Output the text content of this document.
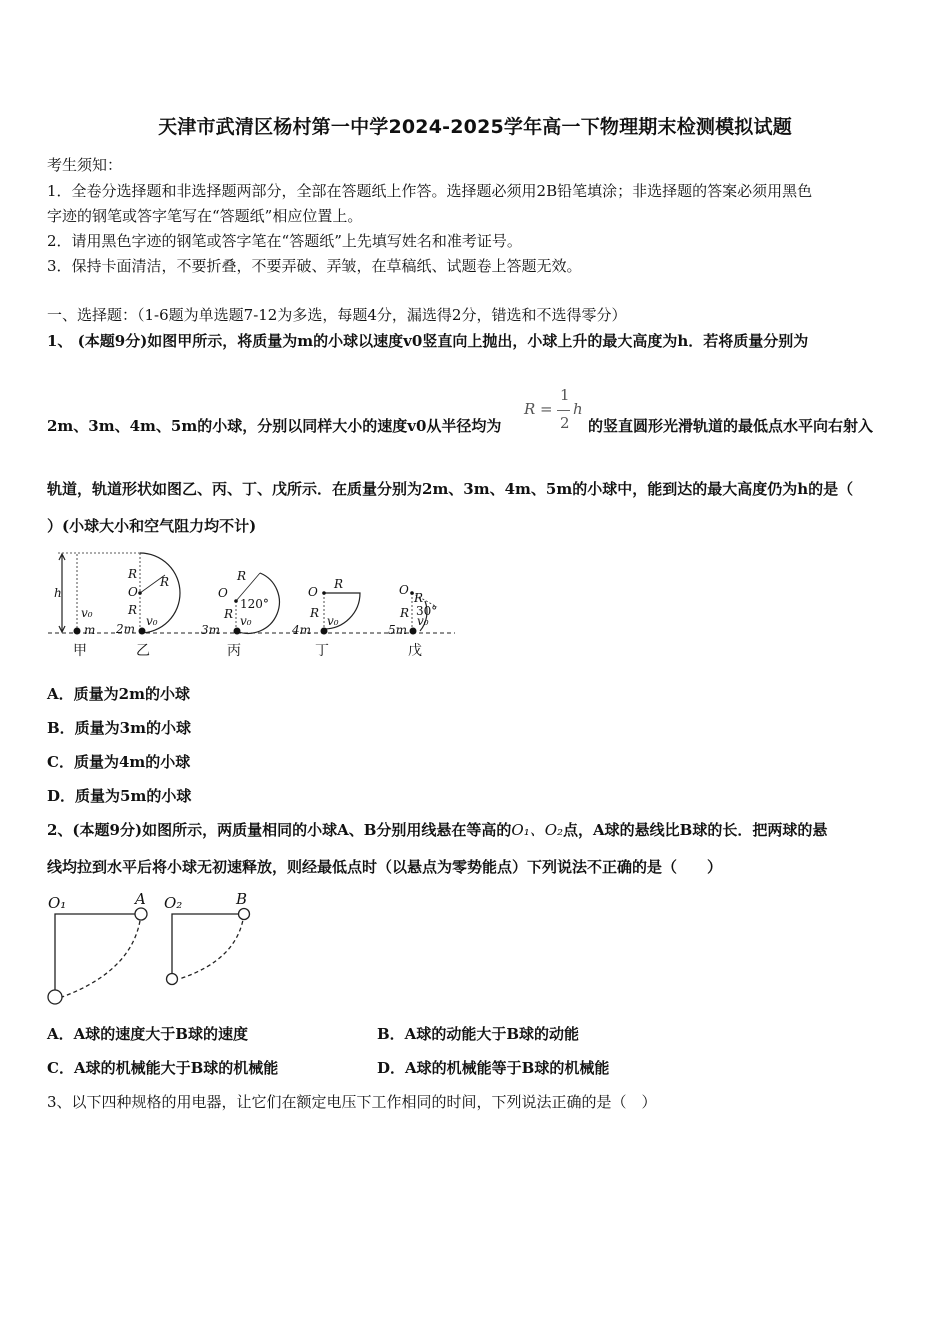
天津市武清区杨村第一中学2024-2025学年高一下物理期末检测模拟试题
考生须知：
1．全卷分选择题和非选择题两部分，全部在答题纸上作答。选择题必须用2B铅笔填涂；非选择题的答案必须用黑色
字迹的钢笔或答字笔写在“答题纸”相应位置上。
2．请用黑色字迹的钢笔或答字笔在“答题纸”上先填写姓名和准考证号。
3．保持卡面清洁，不要折叠，不要弄破、弄皱，在草稿纸、试题卷上答题无效。
一、选择题：（1-6题为单选题7-12为多选，每题4分，漏选得2分，错选和不选得零分）
1、 (本题9分)如图甲所示，将质量为m的小球以速度v0竖直向上抛出，小球上升的最大高度为h．若将质量分别为
2m、3m、4m、5m的小球，分别以同样大小的速度v0从半径均为
R =
1
2
h
的竖直圆形光滑轨道的最低点水平向右射入
轨道，轨道形状如图乙、丙、丁、戊所示．在质量分别为2m、3m、4m、5m的小球中，能到达的最大高度仍为h的是（
）(小球大小和空气阻力均不计)
h
v₀
m 2m
v₀
R
O
R
R
3m
v₀
O
R
R
120°
4m
v₀
O
R
R
5m
v₀
O
R
R
30°
甲	乙	丙	丁	戊
A．质量为2m的小球
B．质量为3m的小球
C．质量为4m的小球
D．质量为5m的小球
2、(本题9分)如图所示，两质量相同的小球A、B分别用线悬在等高的O₁、O₂点，A球的悬线比B球的长．把两球的悬
线均拉到水平后将小球无初速释放，则经最低点时（以悬点为零势能点）下列说法不正确的是（　　）
O₁	A O₂	B
A．A球的速度大于B球的速度	B．A球的动能大于B球的动能
C．A球的机械能大于B球的机械能	D．A球的机械能等于B球的机械能
3、以下四种规格的用电器，让它们在额定电压下工作相同的时间，下列说法正确的是（　）
